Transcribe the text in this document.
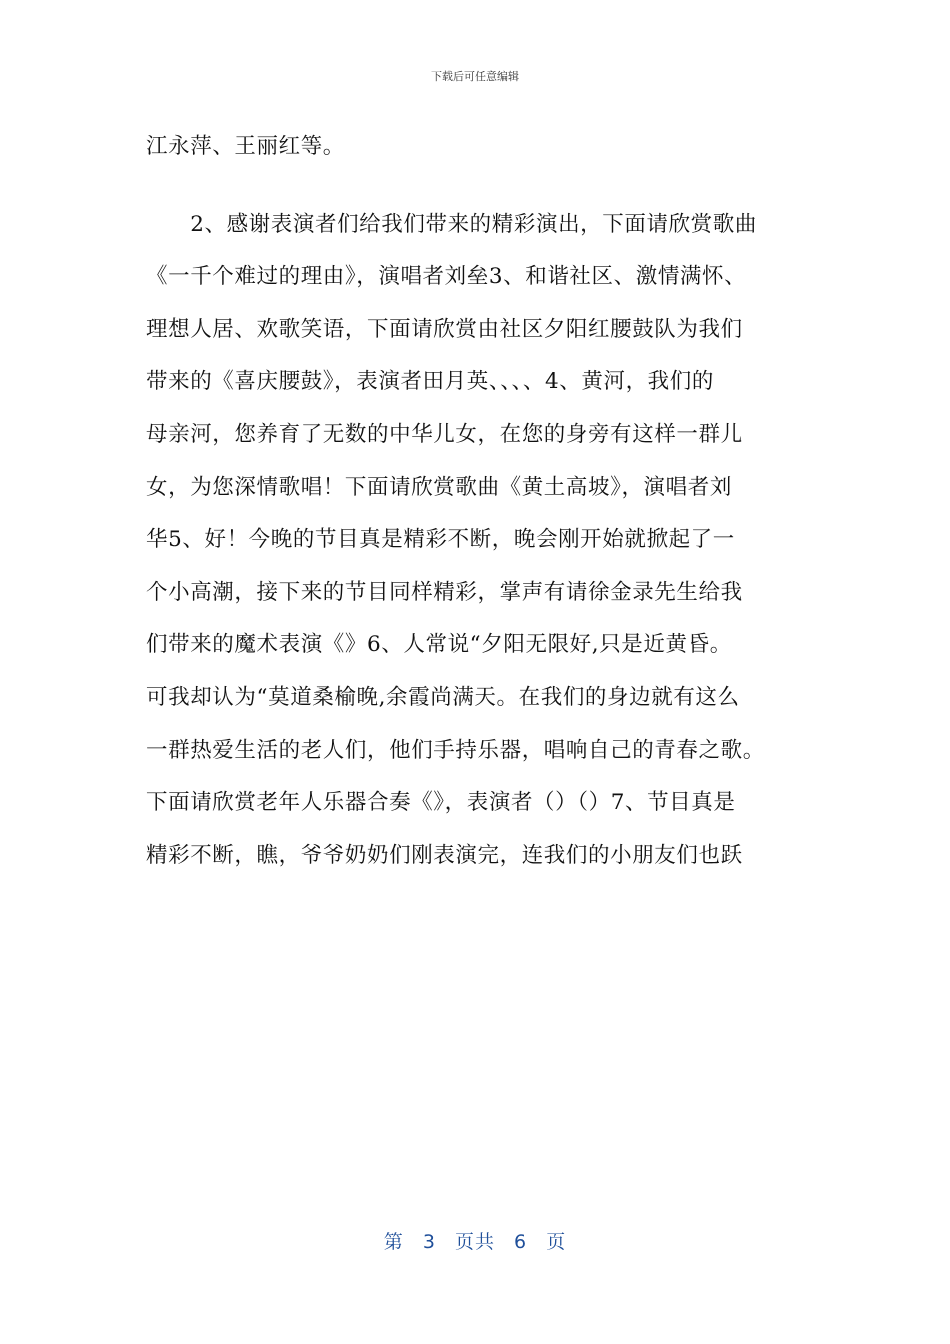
下载后可任意编辑
江永萍、王丽红等。
　　2、感谢表演者们给我们带来的精彩演出，下面请欣赏歌曲
《一千个难过的理由》，演唱者刘垒3、和谐社区、激情满怀、
理想人居、欢歌笑语，下面请欣赏由社区夕阳红腰鼓队为我们
带来的《喜庆腰鼓》，表演者田月英、、、、4、黄河，我们的
母亲河，您养育了无数的中华儿女，在您的身旁有这样一群儿
女，为您深情歌唱！下面请欣赏歌曲《黄土高坡》，演唱者刘
华5、好！今晚的节目真是精彩不断，晚会刚开始就掀起了一
个小高潮，接下来的节目同样精彩，掌声有请徐金录先生给我
们带来的魔术表演《》6、人常说“夕阳无限好,只是近黄昏。
可我却认为“莫道桑榆晚,余霞尚满天。在我们的身边就有这么
一群热爱生活的老人们，他们手持乐器，唱响自己的青春之歌。
下面请欣赏老年人乐器合奏《》，表演者（）（）7、节目真是
精彩不断，瞧，爷爷奶奶们刚表演完，连我们的小朋友们也跃
第 3 页共 6 页
